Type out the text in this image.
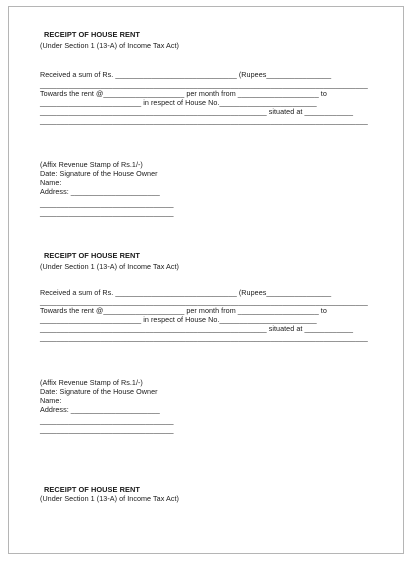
RECEIPT OF HOUSE RENT
(Under Section 1 (13-A) of Income Tax Act)
Received a sum of Rs. ______________________________ (Rupees________________
_________________________________________________________________________________
Towards the rent @____________________ per month from ____________________ to
_________________________ in respect of House No.________________________
________________________________________________________ situated at ____________
_________________________________________________________________________________
(Affix Revenue Stamp of Rs.1/-)
Date: Signature of the House Owner
Name:
Address: ______________________
_________________________________
_________________________________
RECEIPT OF HOUSE RENT
(Under Section 1 (13-A) of Income Tax Act)
Received a sum of Rs. ______________________________ (Rupees________________
_________________________________________________________________________________
Towards the rent @____________________ per month from ____________________ to
_________________________ in respect of House No.________________________
________________________________________________________ situated at ____________
_________________________________________________________________________________
(Affix Revenue Stamp of Rs.1/-)
Date: Signature of the House Owner
Name:
Address: ______________________
_________________________________
_________________________________
RECEIPT OF HOUSE RENT
(Under Section 1 (13-A) of Income Tax Act)
